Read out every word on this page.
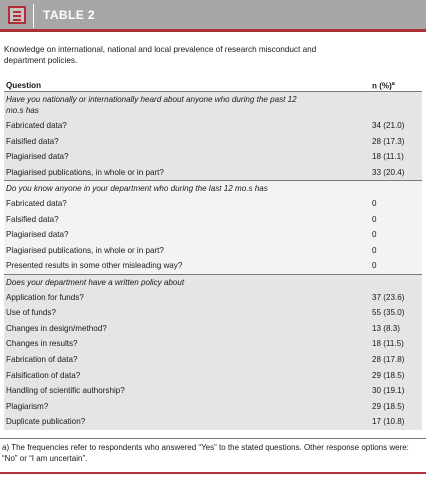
TABLE 2
Knowledge on international, national and local prevalence of research misconduct and department policies.
Question	n (%)$^a$
Have you nationally or internationally heard about anyone who during the past 12 mo.s has
Fabricated data?	34 (21.0)
Falsified data?	28 (17.3)
Plagiarised data?	18 (11.1)
Plagiarised publications, in whole or in part?	33 (20.4)
Do you know anyone in your department who during the last 12 mo.s has
Fabricated data?	0
Falsified data?	0
Plagiarised data?	0
Plagiarised publications, in whole or in part?	0
Presented results in some other misleading way?	0
Does your department have a written policy about
Application for funds?	37 (23.6)
Use of funds?	55 (35.0)
Changes in design/method?	13 (8.3)
Changes in results?	18 (11.5)
Fabrication of data?	28 (17.8)
Falsification of data?	29 (18.5)
Handling of scientific authorship?	30 (19.1)
Plagiarism?	29 (18.5)
Duplicate publication?	17 (10.8)
a) The frequencies refer to respondents who answered “Yes” to the stated questions. Other response options were: “No” or “I am uncertain”.
